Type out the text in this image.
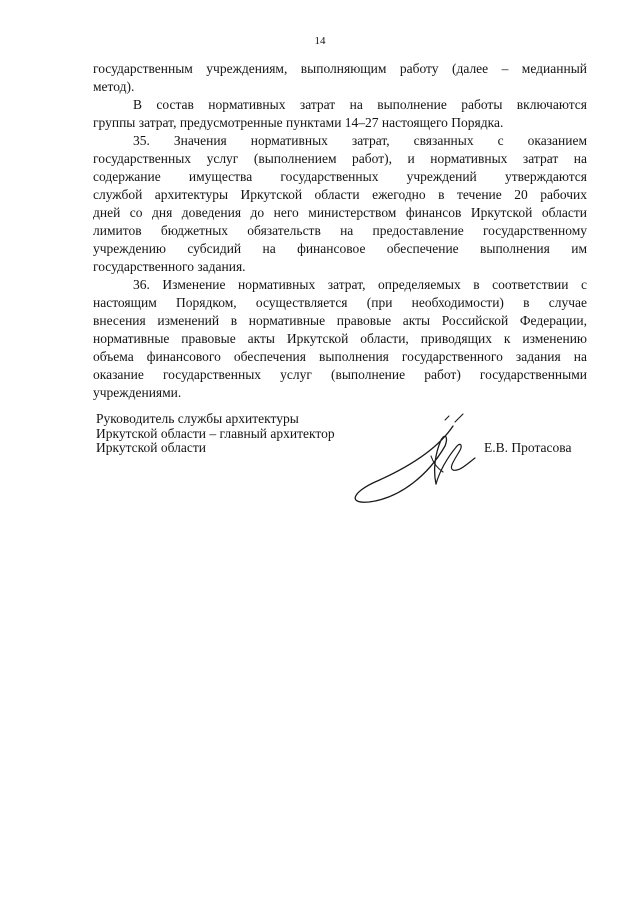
14

государственным учреждениям, выполняющим работу (далее – медианный
метод).

В состав нормативных затрат на выполнение работы включаются
группы затрат, предусмотренные пунктами 14–27 настоящего Порядка.

35. Значения нормативных затрат, связанных с оказанием
государственных услуг (выполнением работ), и нормативных затрат на
содержание имущества государственных учреждений утверждаются
службой архитектуры Иркутской области ежегодно в течение 20 рабочих
дней со дня доведения до него министерством финансов Иркутской области
лимитов бюджетных обязательств на предоставление государственному
учреждению субсидий на финансовое обеспечение выполнения им
государственного задания.

36. Изменение нормативных затрат, определяемых в соответствии с
настоящим Порядком, осуществляется (при необходимости) в случае
внесения изменений в нормативные правовые акты Российской Федерации,
нормативные правовые акты Иркутской области, приводящих к изменению
объема финансового обеспечения выполнения государственного задания на
оказание государственных услуг (выполнение работ) государственными
учреждениями.

Руководитель службы архитектуры
Иркутской области – главный архитектор
Иркутской области	Е.В. Протасова
